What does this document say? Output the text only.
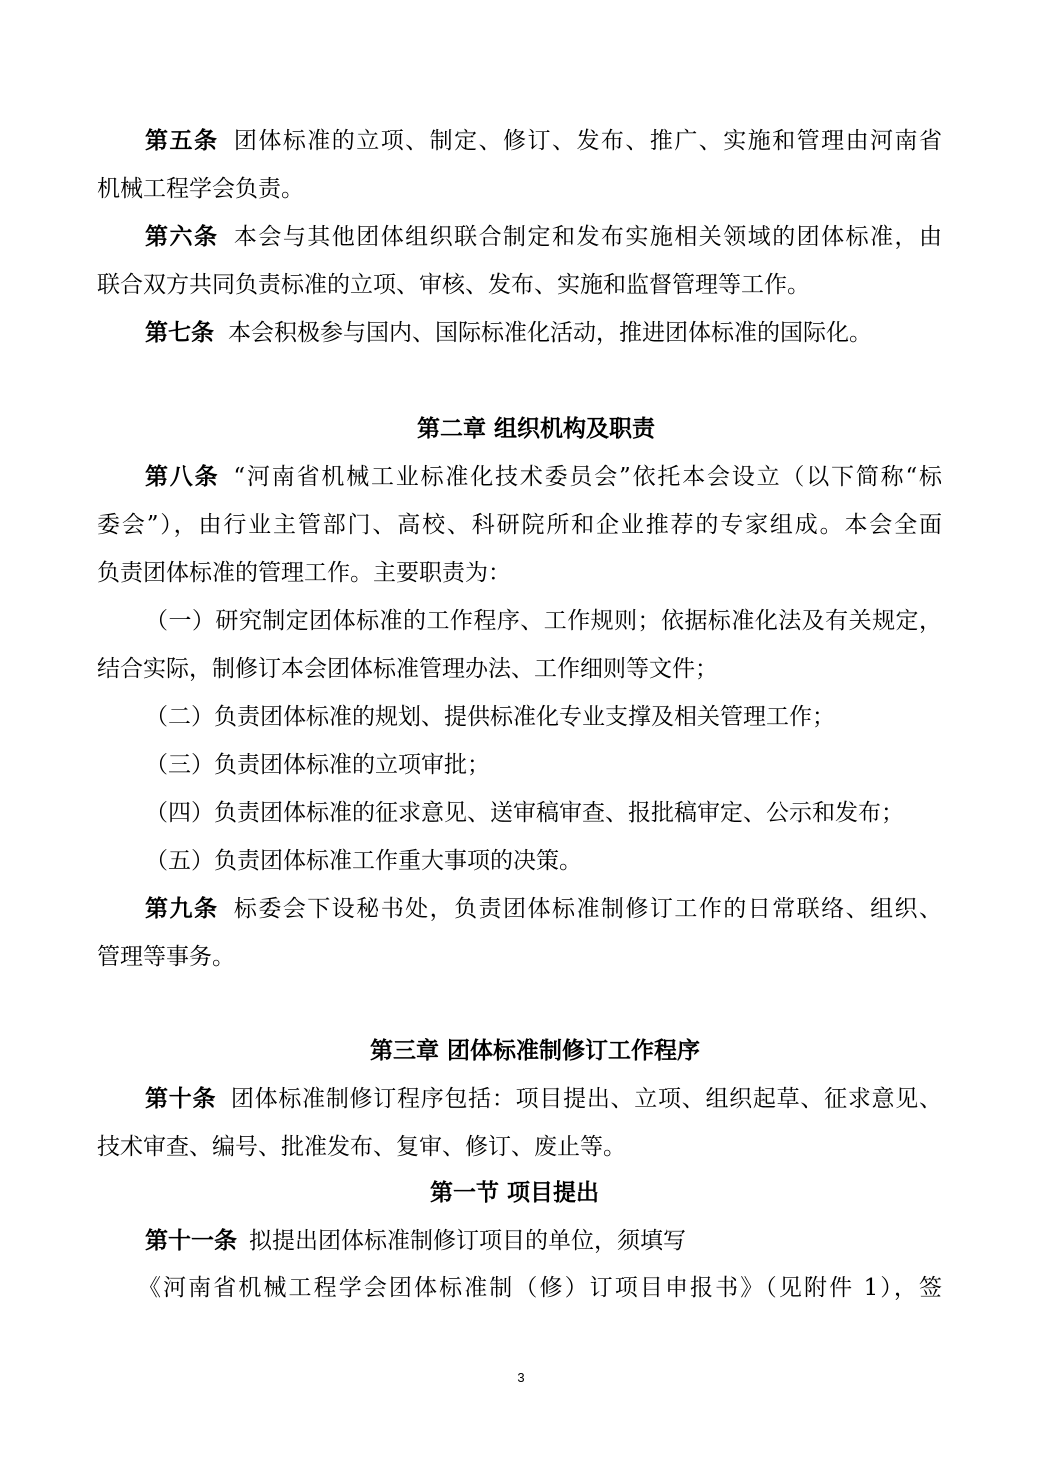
第五条 团体标准的立项、制定、修订、发布、推广、实施和管理由河南省
机械工程学会负责。
第六条 本会与其他团体组织联合制定和发布实施相关领域的团体标准，由
联合双方共同负责标准的立项、审核、发布、实施和监督管理等工作。
第七条 本会积极参与国内、国际标准化活动，推进团体标准的国际化。
第二章 组织机构及职责
第八条 “河南省机械工业标准化技术委员会”依托本会设立（以下简称“标
委会”），由行业主管部门、高校、科研院所和企业推荐的专家组成。本会全面
负责团体标准的管理工作。主要职责为：
（一）研究制定团体标准的工作程序、工作规则；依据标准化法及有关规定，
结合实际，制修订本会团体标准管理办法、工作细则等文件；
（二）负责团体标准的规划、提供标准化专业支撑及相关管理工作；
（三）负责团体标准的立项审批；
（四）负责团体标准的征求意见、送审稿审查、报批稿审定、公示和发布；
（五）负责团体标准工作重大事项的决策。
第九条 标委会下设秘书处，负责团体标准制修订工作的日常联络、组织、
管理等事务。
第三章 团体标准制修订工作程序
第十条 团体标准制修订程序包括：项目提出、立项、组织起草、征求意见、
技术审查、编号、批准发布、复审、修订、废止等。
第一节 项目提出
第十一条 拟提出团体标准制修订项目的单位，须填写
《河南省机械工程学会团体标准制（修）订项目申报书》（见附件 1），签
3
